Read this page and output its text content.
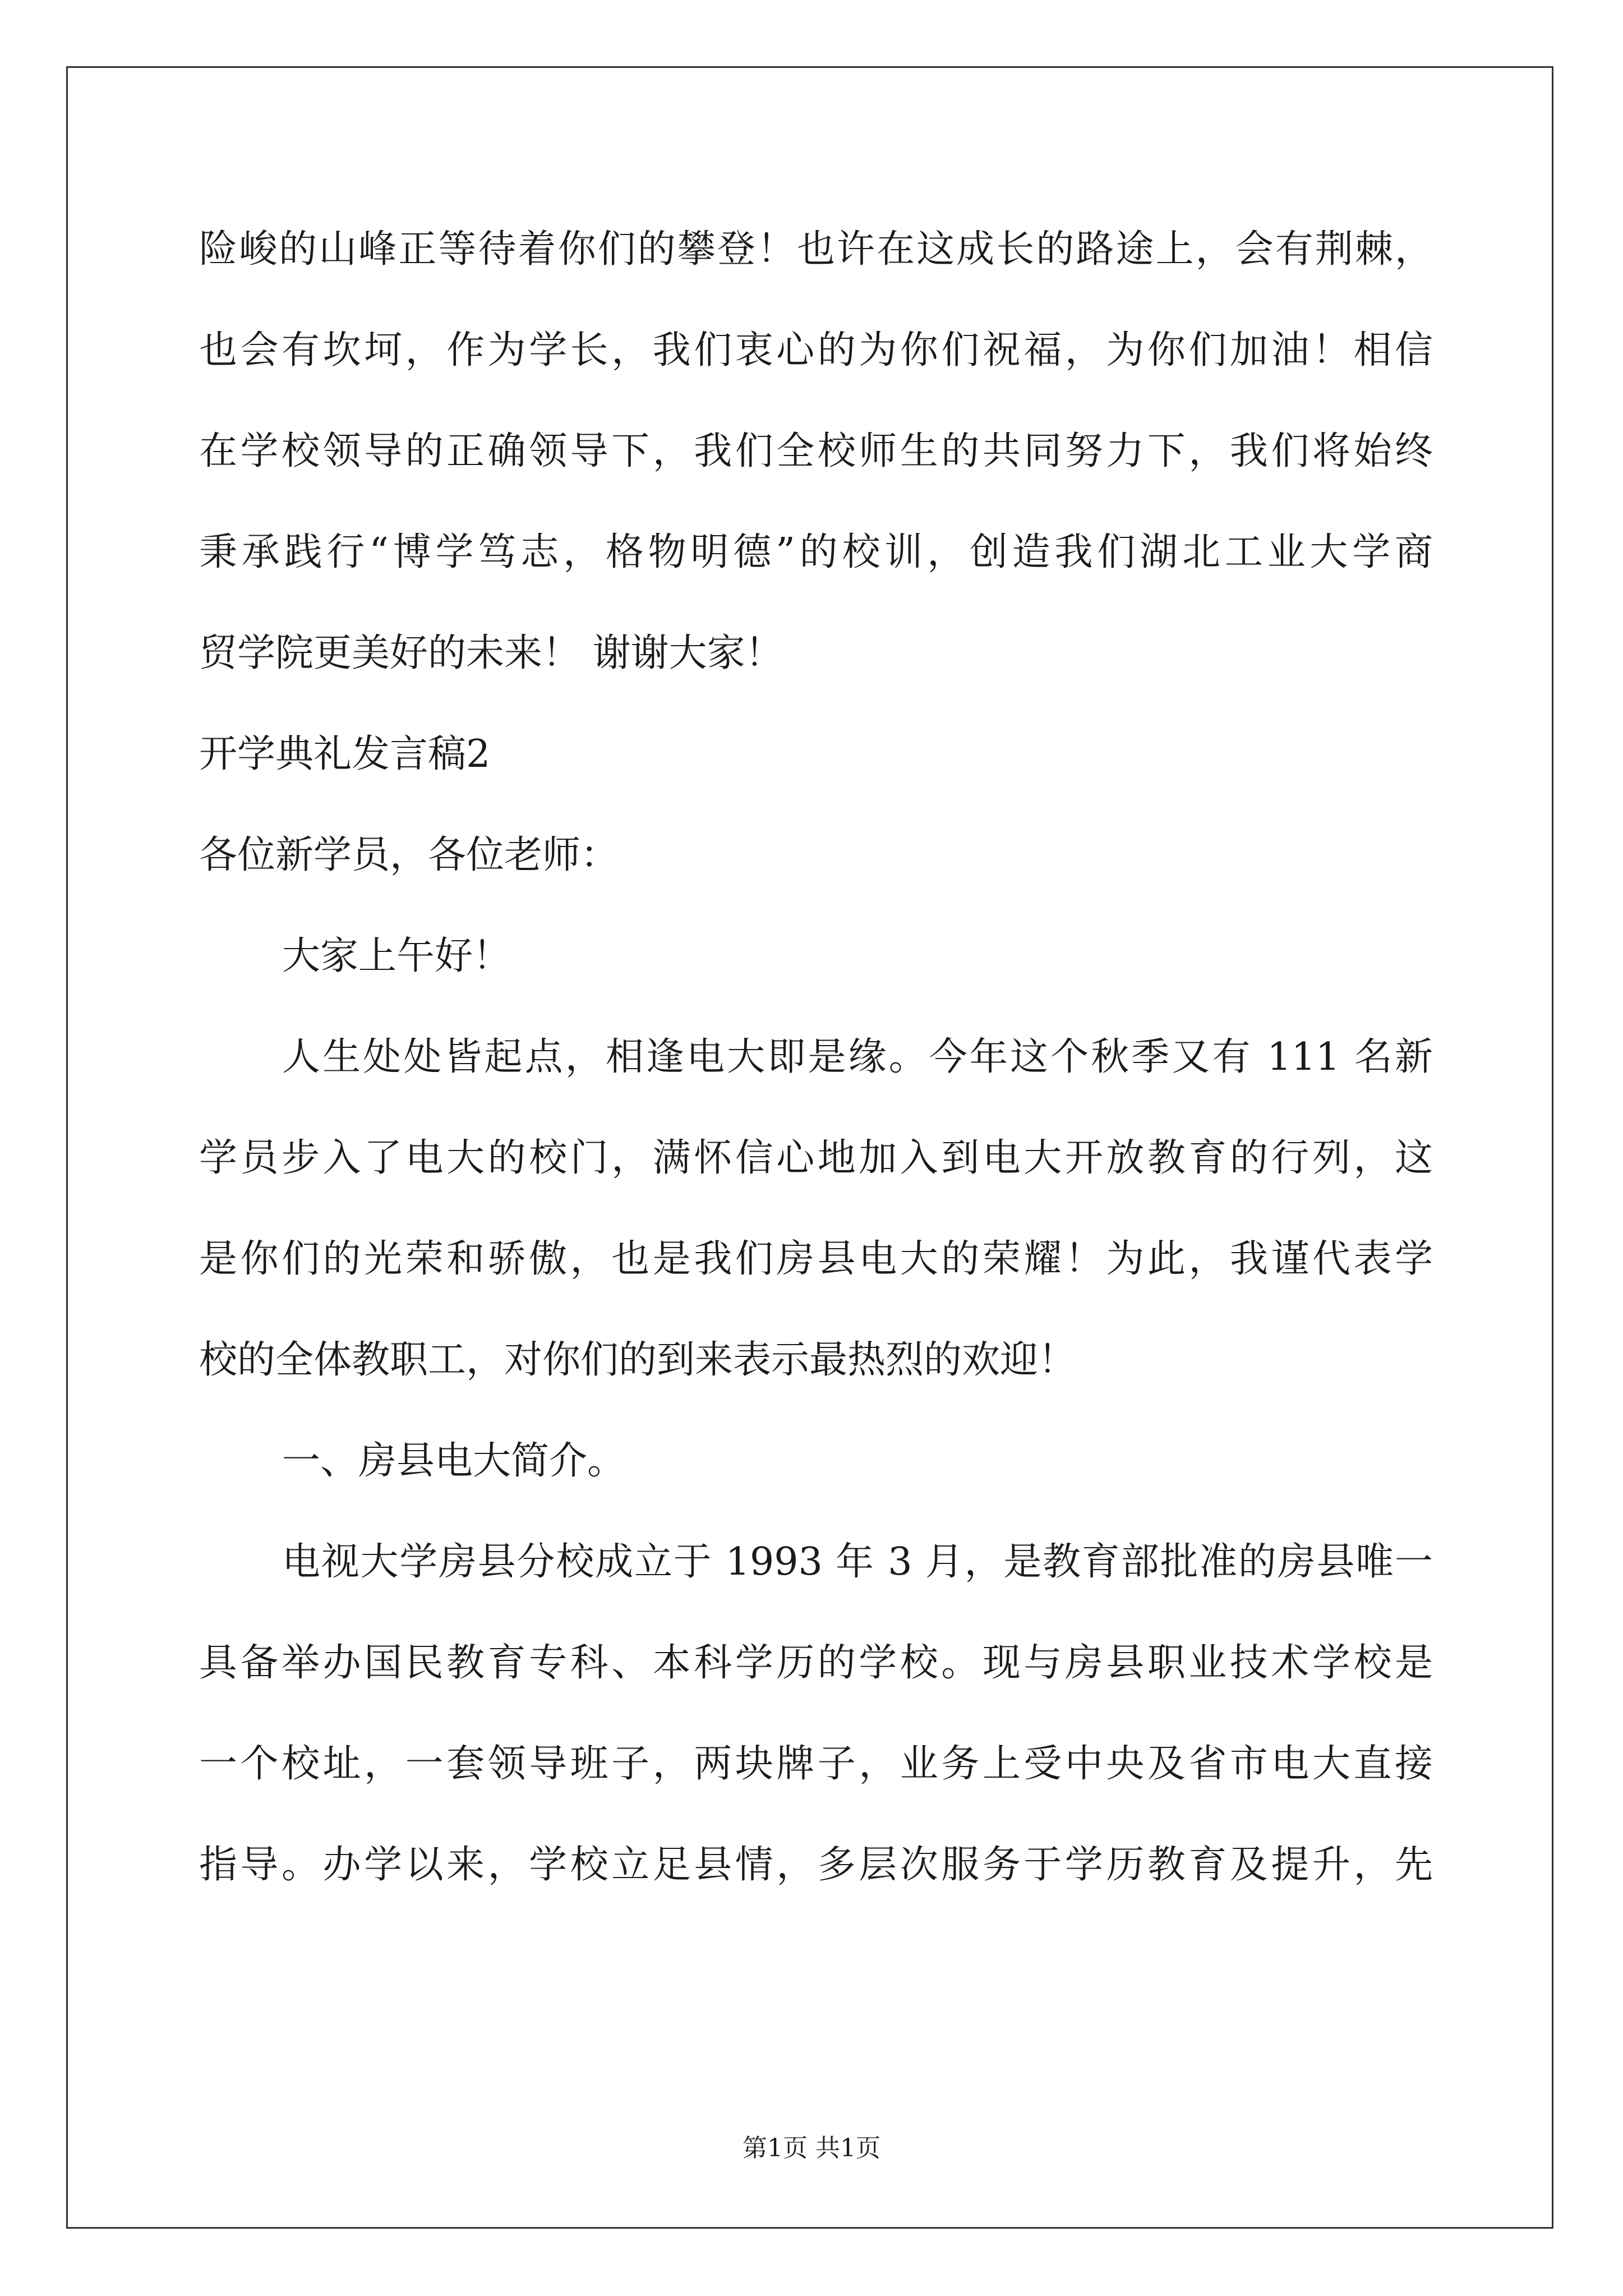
险峻的山峰正等待着你们的攀登！也许在这成长的路途上，会有荆棘，
也会有坎坷，作为学长，我们衷心的为你们祝福，为你们加油！相信
在学校领导的正确领导下，我们全校师生的共同努力下，我们将始终
秉承践行“博学笃志，格物明德”的校训，创造我们湖北工业大学商
贸学院更美好的未来！ 谢谢大家！
开学典礼发言稿2
各位新学员，各位老师：
大家上午好！
人生处处皆起点，相逢电大即是缘。今年这个秋季又有 111 名新
学员步入了电大的校门，满怀信心地加入到电大开放教育的行列，这
是你们的光荣和骄傲，也是我们房县电大的荣耀！为此，我谨代表学
校的全体教职工，对你们的到来表示最热烈的欢迎！
一、房县电大简介。
电视大学房县分校成立于 1993 年 3 月，是教育部批准的房县唯一
具备举办国民教育专科、本科学历的学校。现与房县职业技术学校是
一个校址，一套领导班子，两块牌子，业务上受中央及省市电大直接
指导。办学以来，学校立足县情，多层次服务于学历教育及提升，先
第1页 共1页
